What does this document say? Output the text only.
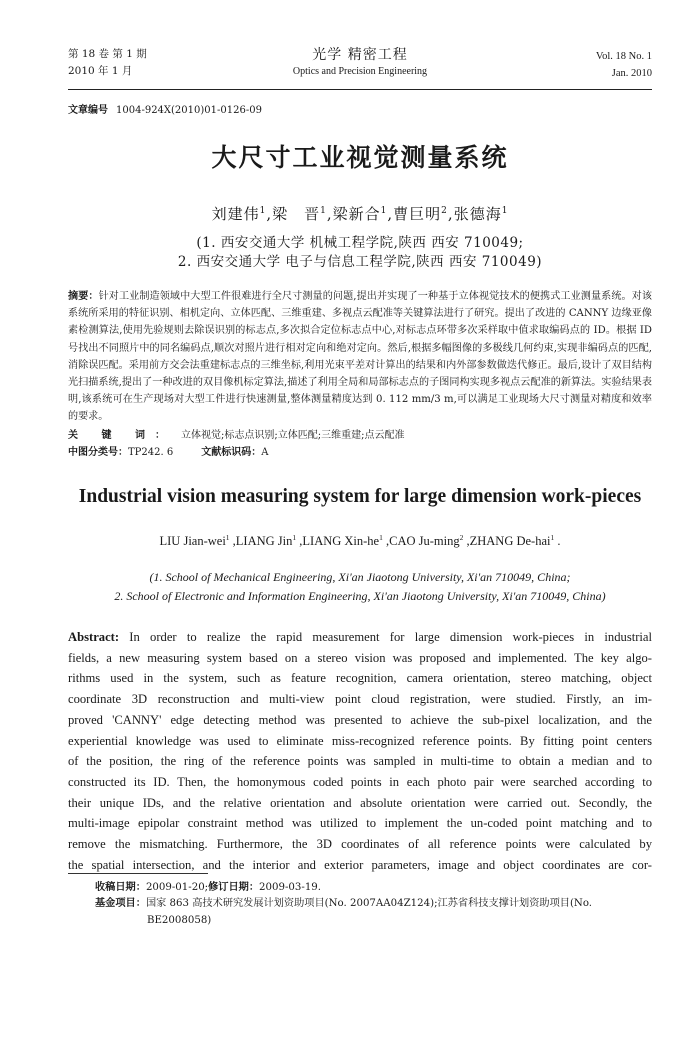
第 18 卷 第 1 期
2010 年 1 月
光学 精密工程
Optics and Precision Engineering
Vol. 18 No. 1
Jan. 2010
文章编号 1004-924X(2010)01-0126-09
大尺寸工业视觉测量系统
刘建伟$^1$,梁　晋$^1$,梁新合$^1$,曹巨明$^2$,张德海$^1$
(1. 西安交通大学 机械工程学院,陕西 西安 710049;
2. 西安交通大学 电子与信息工程学院,陕西 西安 710049)
摘要：针对工业制造领域中大型工件很难进行全尺寸测量的问题,提出并实现了一种基于立体视觉技术的便携式工业测量系统。对该系统所采用的特征识别、相机定向、立体匹配、三维重建、多视点云配准等关键算法进行了研究。提出了改进的 CANNY 边缘亚像素检测算法,使用先验规则去除误识别的标志点,多次拟合定位标志点中心,对标志点环带多次采样取中值求取编码点的 ID。根据 ID 号找出不同照片中的同名编码点,顺次对照片进行相对定向和绝对定向。然后,根据多幅图像的多极线几何约束,实现非编码点的匹配,消除误匹配。采用前方交会法重建标志点的三维坐标,利用光束平差对计算出的结果和内外部参数做迭代修正。最后,设计了双目结构光扫描系统,提出了一种改进的双目像机标定算法,描述了利用全局和局部标志点的子图同构实现多视点云配准的新算法。实验结果表明,该系统可在生产现场对大型工件进行快速测量,整体测量精度达到 0. 112 mm/3 m,可以满足工业现场大尺寸测量对精度和效率的要求。
关 键 词： 立体视觉;标志点识别;立体匹配;三维重建;点云配准
中图分类号：TP242. 6	文献标识码：A
Industrial vision measuring system for large dimension work-pieces
LIU Jian-wei$^1$ ,LIANG Jin$^1$ ,LIANG Xin-$he^1$ ,CAO Ju-ming$^2$ ,ZHANG De-hai$^1$ .
(1. School of Mechanical Engineering, Xi'an Jiaotong University, Xi'an 710049, China;
2. School of Electronic and Information Engineering, Xi'an Jiaotong University, Xi'an 710049, China)
Abstract: In order to realize the rapid measurement for large dimension work-pieces in industrial
fields, a new measuring system based on a stereo vision was proposed and implemented. The key algo-
rithms used in the system, such as feature recognition, camera orientation, stereo matching, object
coordinate 3D reconstruction and multi-view point cloud registration, were studied. Firstly, an im-
proved 'CANNY' edge detecting method was presented to achieve the sub-pixel localization, and the
experiential knowledge was used to eliminate miss-recognized reference points. By fitting point centers
of the position, the ring of the reference points was sampled in multi-time to obtain a median and to
constructed its ID. Then, the homonymous coded points in each photo pair were searched according to
their unique IDs, and the relative orientation and absolute orientation were carried out. Secondly, the
multi-image epipolar constraint method was utilized to implement the un-coded point matching and to
remove the mismatching. Furthermore, the 3D coordinates of all reference points were calculated by
the spatial intersection, and the interior and exterior parameters, image and object coordinates are cor-
收稿日期：2009-01-20;修订日期：2009-03-19.
基金项目：国家 863 高技术研究发展计划资助项目(No. 2007AA04Z124);江苏省科技支撑计划资助项目(No.
BE2008058)
